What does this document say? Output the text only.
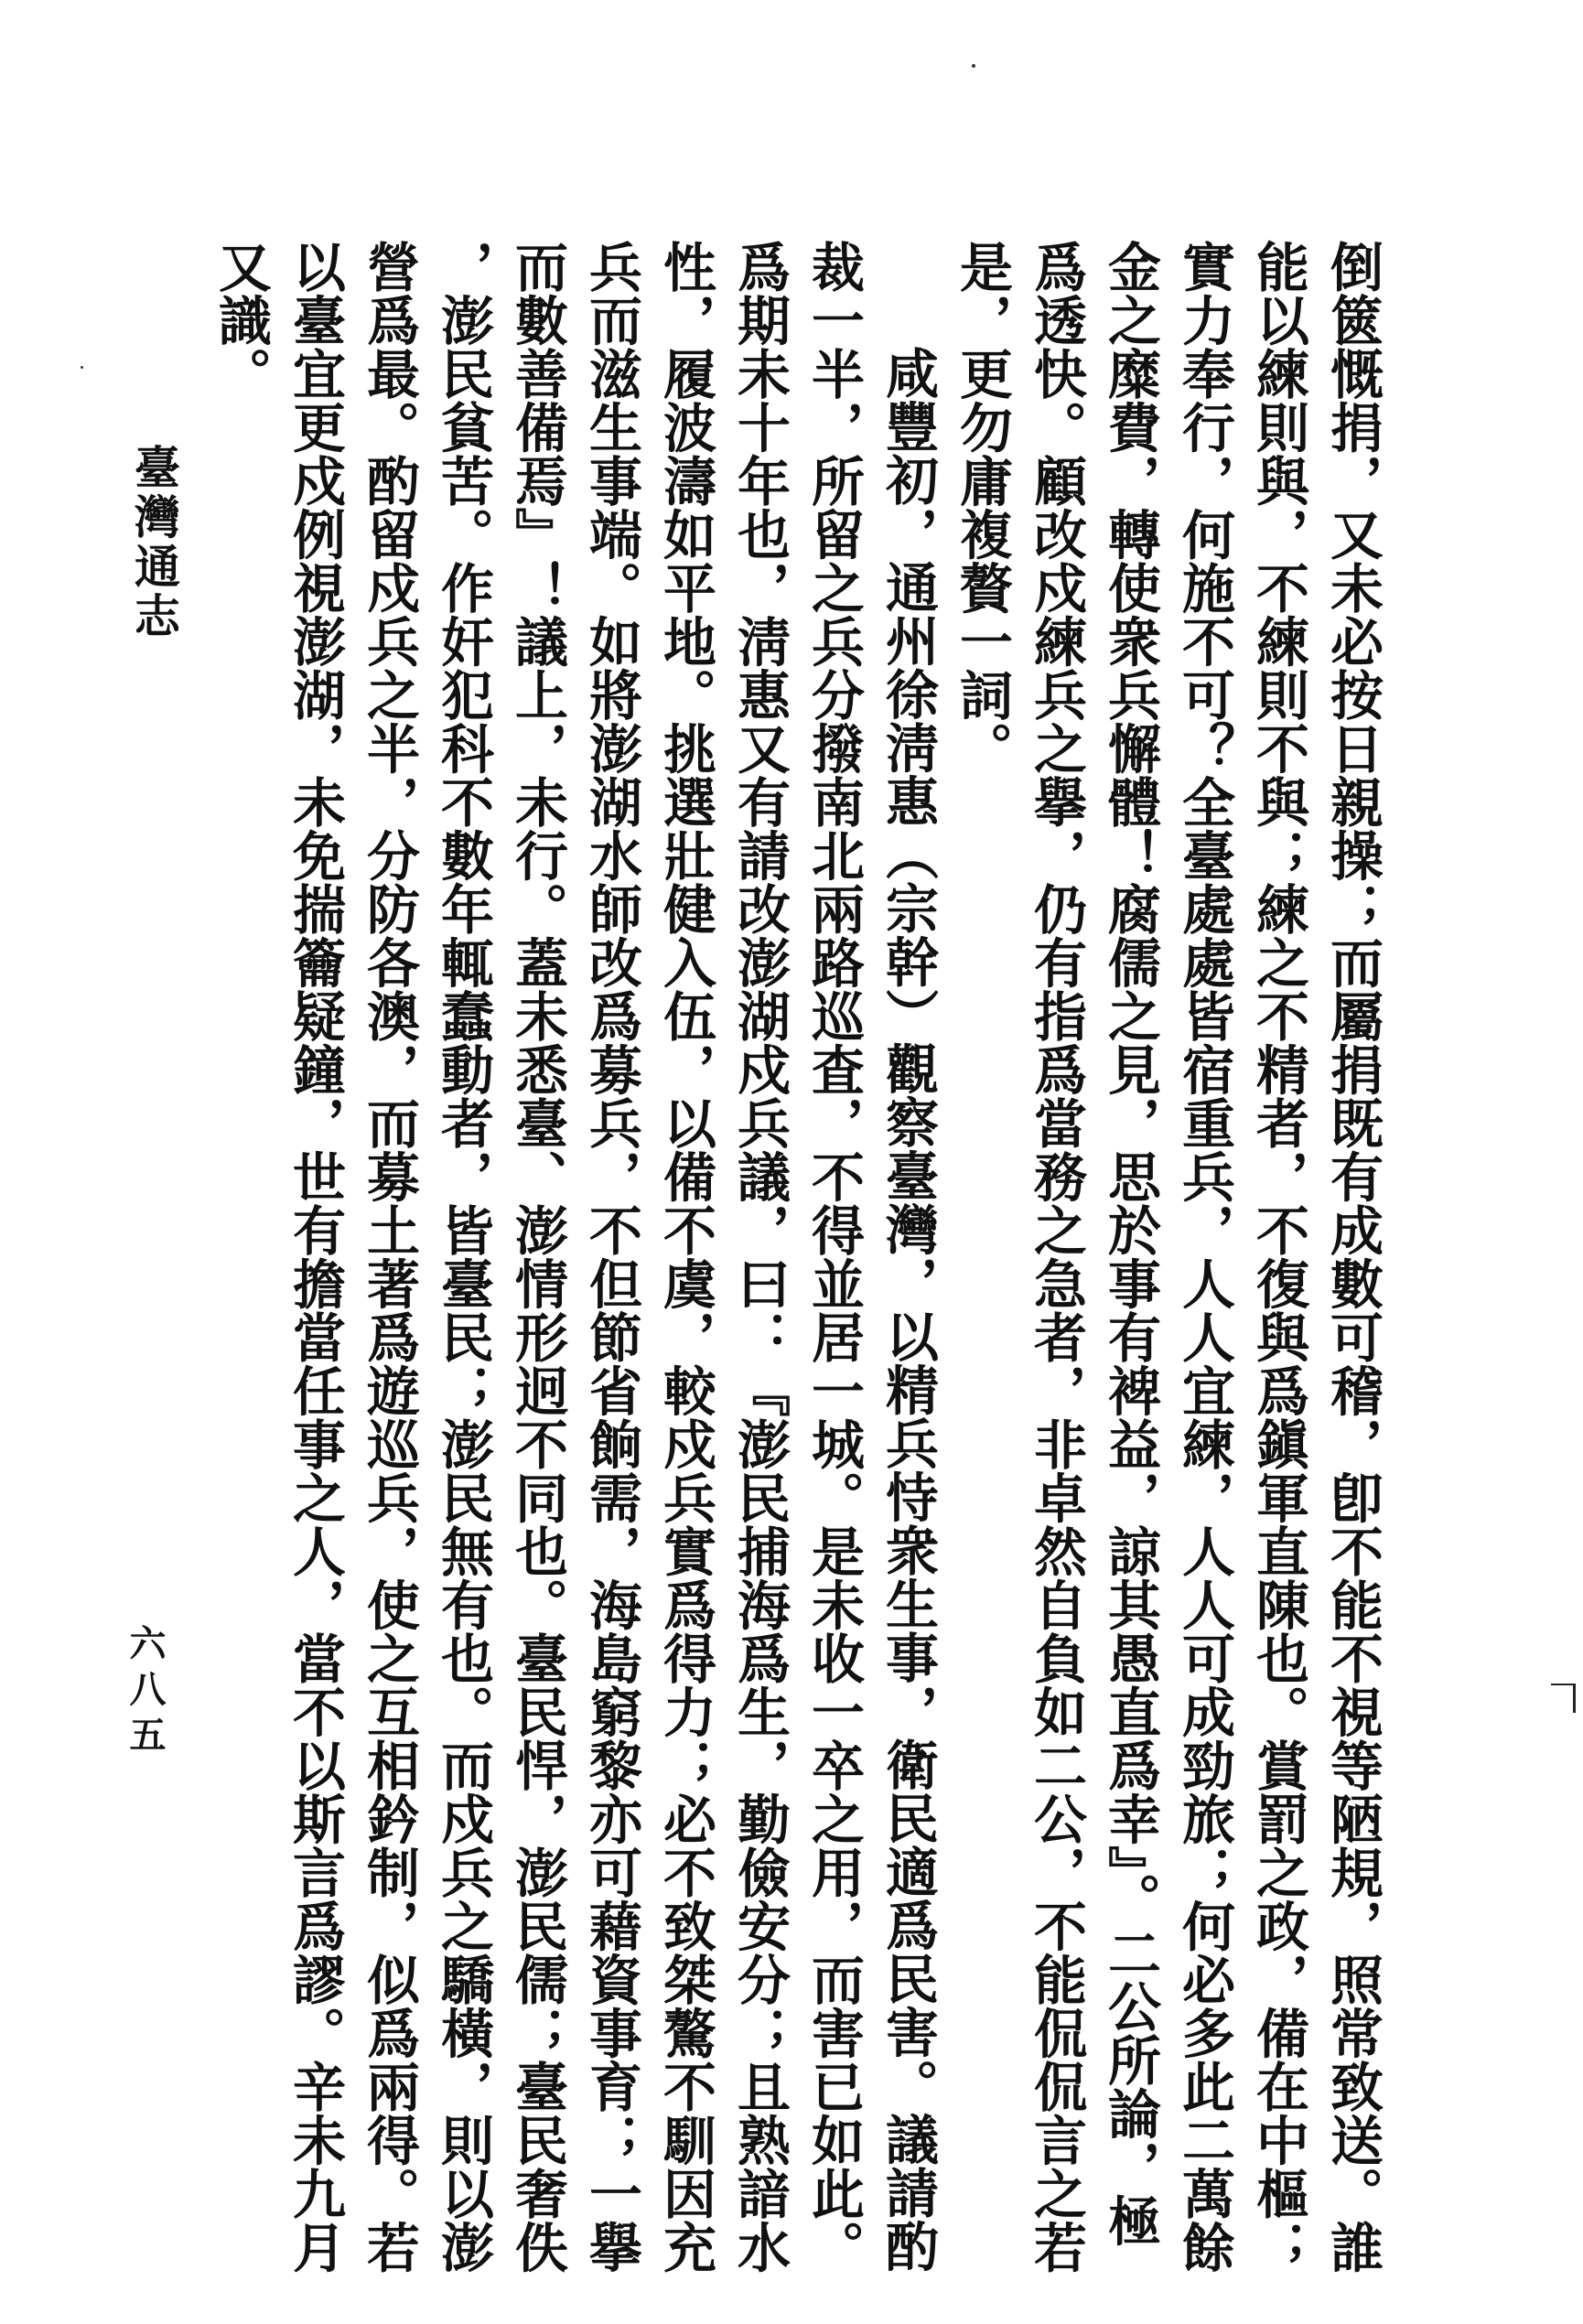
倒篋慨捐，又未必按日親操；而屬捐既有成數可稽，卽不能不視等陋規，照常致送。誰
能以練則與，不練則不與；練之不精者，不復與爲鎭軍直陳也。賞罰之政，備在中樞；
實力奉行，何施不可？全臺處處皆宿重兵，人人宜練，人人可成勁旅；何必多此二萬餘
金之糜費，轉使衆兵懈體！腐儒之見，思於事有裨益，諒其愚直爲幸』。二公所論，極
爲透快。顧改戍練兵之擧，仍有指爲當務之急者，非卓然自負如二公，不能侃侃言之若
是，更勿庸複贅一詞。
咸豐初，通州徐淸惠（宗幹）觀察臺灣，以精兵恃衆生事，衛民適爲民害。議請酌
裁一半，所留之兵分撥南北兩路巡査，不得並居一城。是未收一卒之用，而害已如此。
爲期未十年也，淸惠又有請改澎湖戍兵議，曰：『澎民捕海爲生，勤儉安分；且熟諳水
性，履波濤如平地。挑選壯健入伍，以備不虞，較戍兵實爲得力；必不致桀驁不馴因充
兵而滋生事端。如將澎湖水師改爲募兵，不但節省餉需，海島窮黎亦可藉資事育；一擧
而數善備焉』！議上，未行。蓋未悉臺、澎情形迥不同也。臺民悍，澎民儒；臺民奢佚
，澎民貧苦。作奸犯科不數年輒蠢動者，皆臺民；澎民無有也。而戍兵之驕橫，則以澎
營爲最。酌留戍兵之半，分防各澳，而募土著爲遊巡兵，使之互相鈐制，似爲兩得。若
以臺宜更戍例視澎湖，未免揣籥疑鐘，世有擔當任事之人，當不以斯言爲謬。辛未九月
又識。
臺灣通志
六八五
